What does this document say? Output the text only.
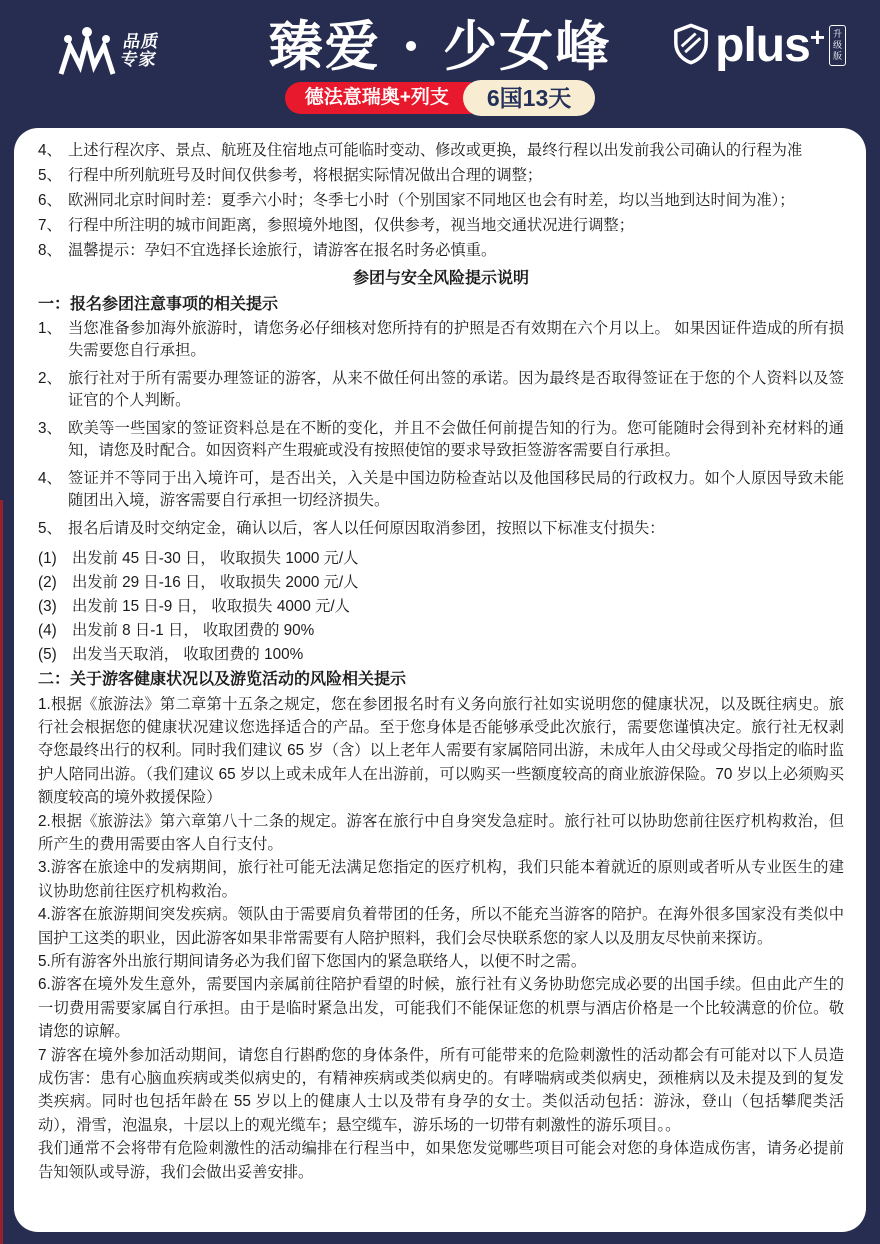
品质
专家	臻爱 · 少女峰
德法意瑞奥+列支	6国13天
plus + 升级版
4、 上述行程次序、景点、航班及住宿地点可能临时变动、修改或更换，最终行程以出发前我公司确认的行程为准
5、 行程中所列航班号及时间仅供参考，将根据实际情况做出合理的调整；
6、 欧洲同北京时间时差：夏季六小时；冬季七小时（个别国家不同地区也会有时差，均以当地到达时间为准）；
7、 行程中所注明的城市间距离，参照境外地图，仅供参考，视当地交通状况进行调整；
8、 温馨提示：孕妇不宜选择长途旅行，请游客在报名时务必慎重。
参团与安全风险提示说明
一：报名参团注意事项的相关提示
1、 当您准备参加海外旅游时，请您务必仔细核对您所持有的护照是否有效期在六个月以上。 如果因证件造成的所有损失需要您自行承担。
2、 旅行社对于所有需要办理签证的游客，从来不做任何出签的承诺。因为最终是否取得签证在于您的个人资料以及签证官的个人判断。
3、 欧美等一些国家的签证资料总是在不断的变化，并且不会做任何前提告知的行为。您可能随时会得到补充材料的通知，请您及时配合。如因资料产生瑕疵或没有按照使馆的要求导致拒签游客需要自行承担。
4、 签证并不等同于出入境许可，是否出关，入关是中国边防检查站以及他国移民局的行政权力。如个人原因导致未能随团出入境，游客需要自行承担一切经济损失。
5、 报名后请及时交纳定金，确认以后，客人以任何原因取消参团，按照以下标准支付损失：
(1) 出发前 45 日-30 日， 收取损失 1000 元/人
(2) 出发前 29 日-16 日， 收取损失 2000 元/人
(3) 出发前 15 日-9 日， 收取损失 4000 元/人
(4) 出发前 8 日-1 日， 收取团费的 90%
(5) 出发当天取消， 收取团费的 100%
二：关于游客健康状况以及游览活动的风险相关提示

1.根据《旅游法》第二章第十五条之规定，您在参团报名时有义务向旅行社如实说明您的健康状况，以及既往病史。旅行社会根据您的健康状况建议您选择适合的产品。至于您身体是否能够承受此次旅行，需要您谨慎决定。旅行社无权剥夺您最终出行的权利。同时我们建议 65 岁（含）以上老年人需要有家属陪同出游，未成年人由父母或父母指定的临时监护人陪同出游。（我们建议 65 岁以上或未成年人在出游前，可以购买一些额度较高的商业旅游保险。70 岁以上必须购买额度较高的境外救援保险）

2.根据《旅游法》第六章第八十二条的规定。游客在旅行中自身突发急症时。旅行社可以协助您前往医疗机构救治，但所产生的费用需要由客人自行支付。

3.游客在旅途中的发病期间，旅行社可能无法满足您指定的医疗机构，我们只能本着就近的原则或者听从专业医生的建议协助您前往医疗机构救治。

4.游客在旅游期间突发疾病。领队由于需要肩负着带团的任务，所以不能充当游客的陪护。在海外很多国家没有类似中国护工这类的职业，因此游客如果非常需要有人陪护照料，我们会尽快联系您的家人以及朋友尽快前来探访。

5.所有游客外出旅行期间请务必为我们留下您国内的紧急联络人，以便不时之需。

6.游客在境外发生意外，需要国内亲属前往陪护看望的时候，旅行社有义务协助您完成必要的出国手续。但由此产生的一切费用需要家属自行承担。由于是临时紧急出发，可能我们不能保证您的机票与酒店价格是一个比较满意的价位。敬请您的谅解。

7 游客在境外参加活动期间，请您自行斟酌您的身体条件，所有可能带来的危险刺激性的活动都会有可能对以下人员造成伤害：患有心脑血疾病或类似病史的，有精神疾病或类似病史的。有哮喘病或类似病史，颈椎病以及未提及到的复发类疾病。同时也包括年龄在 55 岁以上的健康人士以及带有身孕的女士。类似活动包括：游泳，登山（包括攀爬类活动），滑雪，泡温泉，十层以上的观光缆车；悬空缆车，游乐场的一切带有刺激性的游乐项目。。

我们通常不会将带有危险刺激性的活动编排在行程当中，如果您发觉哪些项目可能会对您的身体造成伤害，请务必提前告知领队或导游，我们会做出妥善安排。
